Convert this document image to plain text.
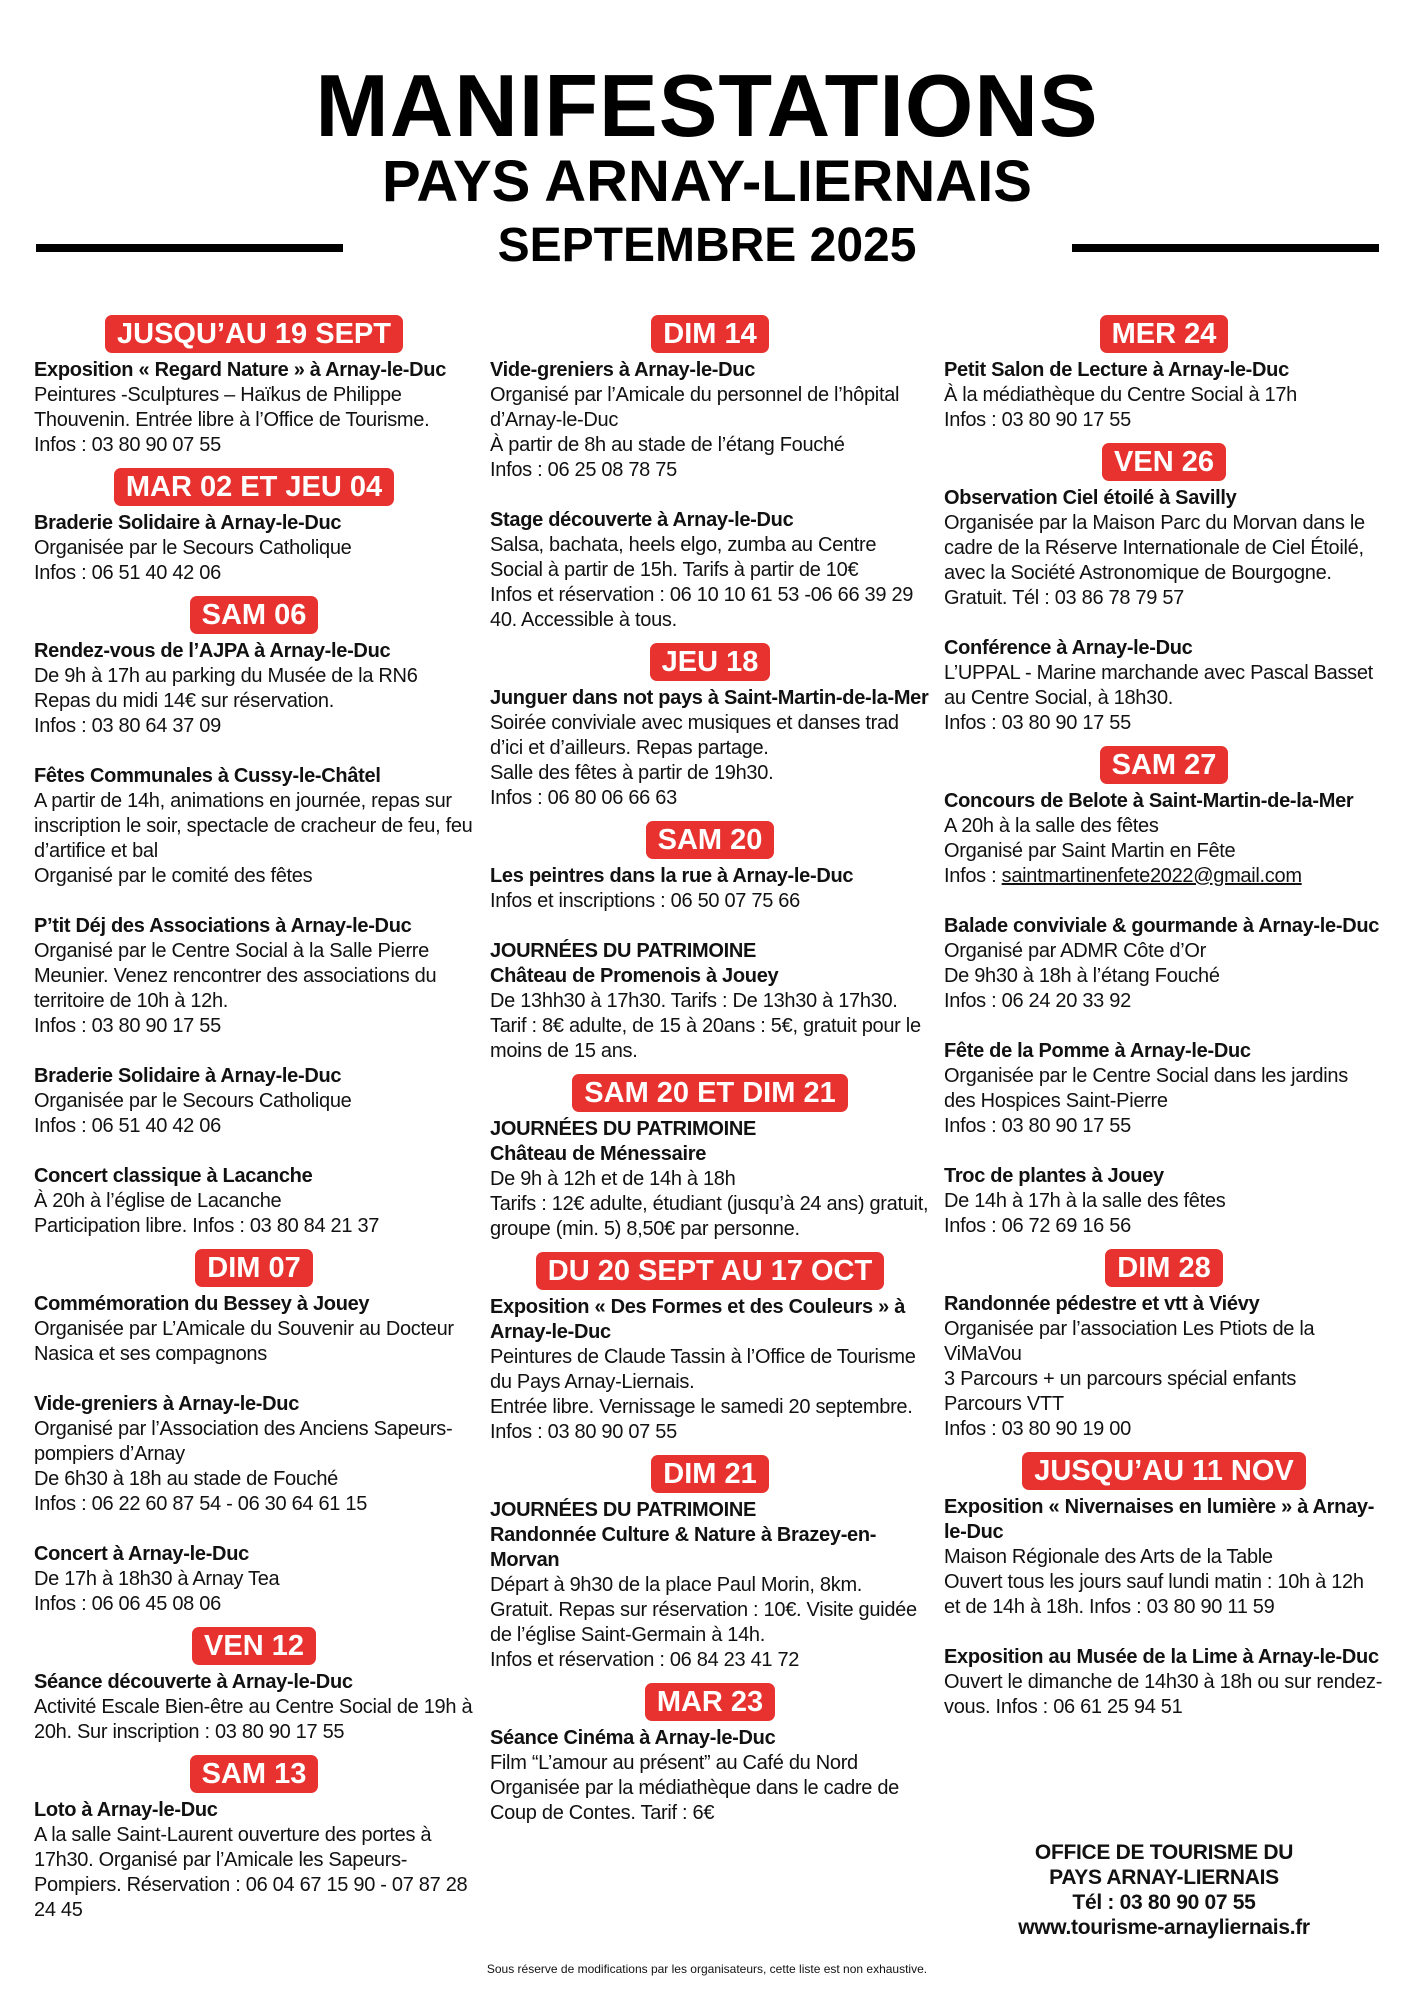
MANIFESTATIONS
PAYS ARNAY-LIERNAIS
SEPTEMBRE 2025
JUSQU’AU 19 SEPT
Exposition « Regard Nature » à Arnay-le-Duc
Peintures -Sculptures – Haïkus de Philippe Thouvenin. Entrée libre à l’Office de Tourisme. Infos : 03 80 90 07 55
MAR 02 ET JEU 04
Braderie Solidaire à Arnay-le-Duc
Organisée par le Secours Catholique
Infos : 06 51 40 42 06
SAM 06
Rendez-vous de l’AJPA à Arnay-le-Duc
De 9h à 17h au parking du Musée de la RN6
Repas du midi 14€ sur réservation.
Infos : 03 80 64 37 09
Fêtes Communales à Cussy-le-Châtel
A partir de 14h, animations en journée, repas sur inscription le soir, spectacle de cracheur de feu, feu d’artifice et bal
Organisé par le comité des fêtes
P’tit Déj des Associations à Arnay-le-Duc
Organisé par le Centre Social à la Salle Pierre Meunier. Venez rencontrer des associations du territoire de 10h à 12h.
Infos : 03 80 90 17 55
Braderie Solidaire à Arnay-le-Duc
Organisée par le Secours Catholique
Infos : 06 51 40 42 06
Concert classique à Lacanche
À 20h à l’église de Lacanche
Participation libre. Infos : 03 80 84 21 37
DIM 07
Commémoration du Bessey à Jouey
Organisée par L’Amicale du Souvenir au Docteur Nasica et ses compagnons
Vide-greniers à Arnay-le-Duc
Organisé par l’Association des Anciens Sapeurs-pompiers d’Arnay
De 6h30 à 18h au stade de Fouché
Infos : 06 22 60 87 54 - 06 30 64 61 15
Concert à Arnay-le-Duc
De 17h à 18h30 à Arnay Tea
Infos : 06 06 45 08 06
VEN 12
Séance découverte à Arnay-le-Duc
Activité Escale Bien-être au Centre Social de 19h à 20h. Sur inscription : 03 80 90 17 55
SAM 13
Loto à Arnay-le-Duc
A la salle Saint-Laurent ouverture des portes à 17h30. Organisé par l’Amicale les Sapeurs-Pompiers. Réservation : 06 04 67 15 90 - 07 87 28 24 45
DIM 14
Vide-greniers à Arnay-le-Duc
Organisé par l’Amicale du personnel de l’hôpital d’Arnay-le-Duc
À partir de 8h au stade de l’étang Fouché
Infos : 06 25 08 78 75
Stage découverte à Arnay-le-Duc
Salsa, bachata, heels elgo, zumba au Centre Social à partir de 15h. Tarifs à partir de 10€
Infos et réservation : 06 10 10 61 53 -06 66 39 29 40. Accessible à tous.
JEU 18
Junguer dans not pays à Saint-Martin-de-la-Mer
Soirée conviviale avec musiques et danses trad d’ici et d’ailleurs. Repas partage.
Salle des fêtes à partir de 19h30.
Infos : 06 80 06 66 63
SAM 20
Les peintres dans la rue à Arnay-le-Duc
Infos et inscriptions : 06 50 07 75 66
JOURNÉES DU PATRIMOINE
Château de Promenois à Jouey
De 13hh30 à 17h30. Tarifs : De 13h30 à 17h30. Tarif : 8€ adulte, de 15 à 20ans : 5€, gratuit pour le moins de 15 ans.
SAM 20 ET DIM 21
JOURNÉES DU PATRIMOINE
Château de Ménessaire
De 9h à 12h et de 14h à 18h
Tarifs : 12€ adulte, étudiant (jusqu’à 24 ans) gratuit, groupe (min. 5) 8,50€ par personne.
DU 20 SEPT AU 17 OCT
Exposition « Des Formes et des Couleurs » à Arnay-le-Duc
Peintures de Claude Tassin à l’Office de Tourisme du Pays Arnay-Liernais.
Entrée libre. Vernissage le samedi 20 septembre. Infos : 03 80 90 07 55
DIM 21
JOURNÉES DU PATRIMOINE
Randonnée Culture & Nature à Brazey-en-Morvan
Départ à 9h30 de la place Paul Morin, 8km. Gratuit. Repas sur réservation : 10€. Visite guidée de l’église Saint-Germain à 14h.
Infos et réservation : 06 84 23 41 72
MAR 23
Séance Cinéma à Arnay-le-Duc
Film “L’amour au présent” au Café du Nord
Organisée par la médiathèque dans le cadre de Coup de Contes. Tarif : 6€
MER 24
Petit Salon de Lecture à Arnay-le-Duc
À la médiathèque du Centre Social à 17h
Infos : 03 80 90 17 55
VEN 26
Observation Ciel étoilé à Savilly
Organisée par la Maison Parc du Morvan dans le cadre de la Réserve Internationale de Ciel Étoilé, avec la Société Astronomique de Bourgogne. Gratuit. Tél : 03 86 78 79 57
Conférence à Arnay-le-Duc
L’UPPAL - Marine marchande avec Pascal Basset au Centre Social, à 18h30.
Infos : 03 80 90 17 55
SAM 27
Concours de Belote à Saint-Martin-de-la-Mer
A 20h à la salle des fêtes
Organisé par Saint Martin en Fête
Infos : saintmartinenfete2022@gmail.com
Balade conviviale & gourmande à Arnay-le-Duc
Organisé par ADMR Côte d’Or
De 9h30 à 18h à l’étang Fouché
Infos : 06 24 20 33 92
Fête de la Pomme à Arnay-le-Duc
Organisée par le Centre Social dans les jardins des Hospices Saint-Pierre
Infos : 03 80 90 17 55
Troc de plantes à Jouey
De 14h à 17h à la salle des fêtes
Infos : 06 72 69 16 56
DIM 28
Randonnée pédestre et vtt à Viévy
Organisée par l’association Les Ptiots de la ViMaVou
3 Parcours + un parcours spécial enfants
Parcours VTT
Infos : 03 80 90 19 00
JUSQU’AU 11 NOV
Exposition « Nivernaises en lumière » à Arnay-le-Duc
Maison Régionale des Arts de la Table
Ouvert tous les jours sauf lundi matin : 10h à 12h et de 14h à 18h. Infos : 03 80 90 11 59
Exposition au Musée de la Lime à Arnay-le-Duc
Ouvert le dimanche de 14h30 à 18h ou sur rendez-vous. Infos : 06 61 25 94 51
OFFICE DE TOURISME DU
PAYS ARNAY-LIERNAIS
Tél : 03 80 90 07 55
www.tourisme-arnayliernais.fr
Sous réserve de modifications par les organisateurs, cette liste est non exhaustive.
